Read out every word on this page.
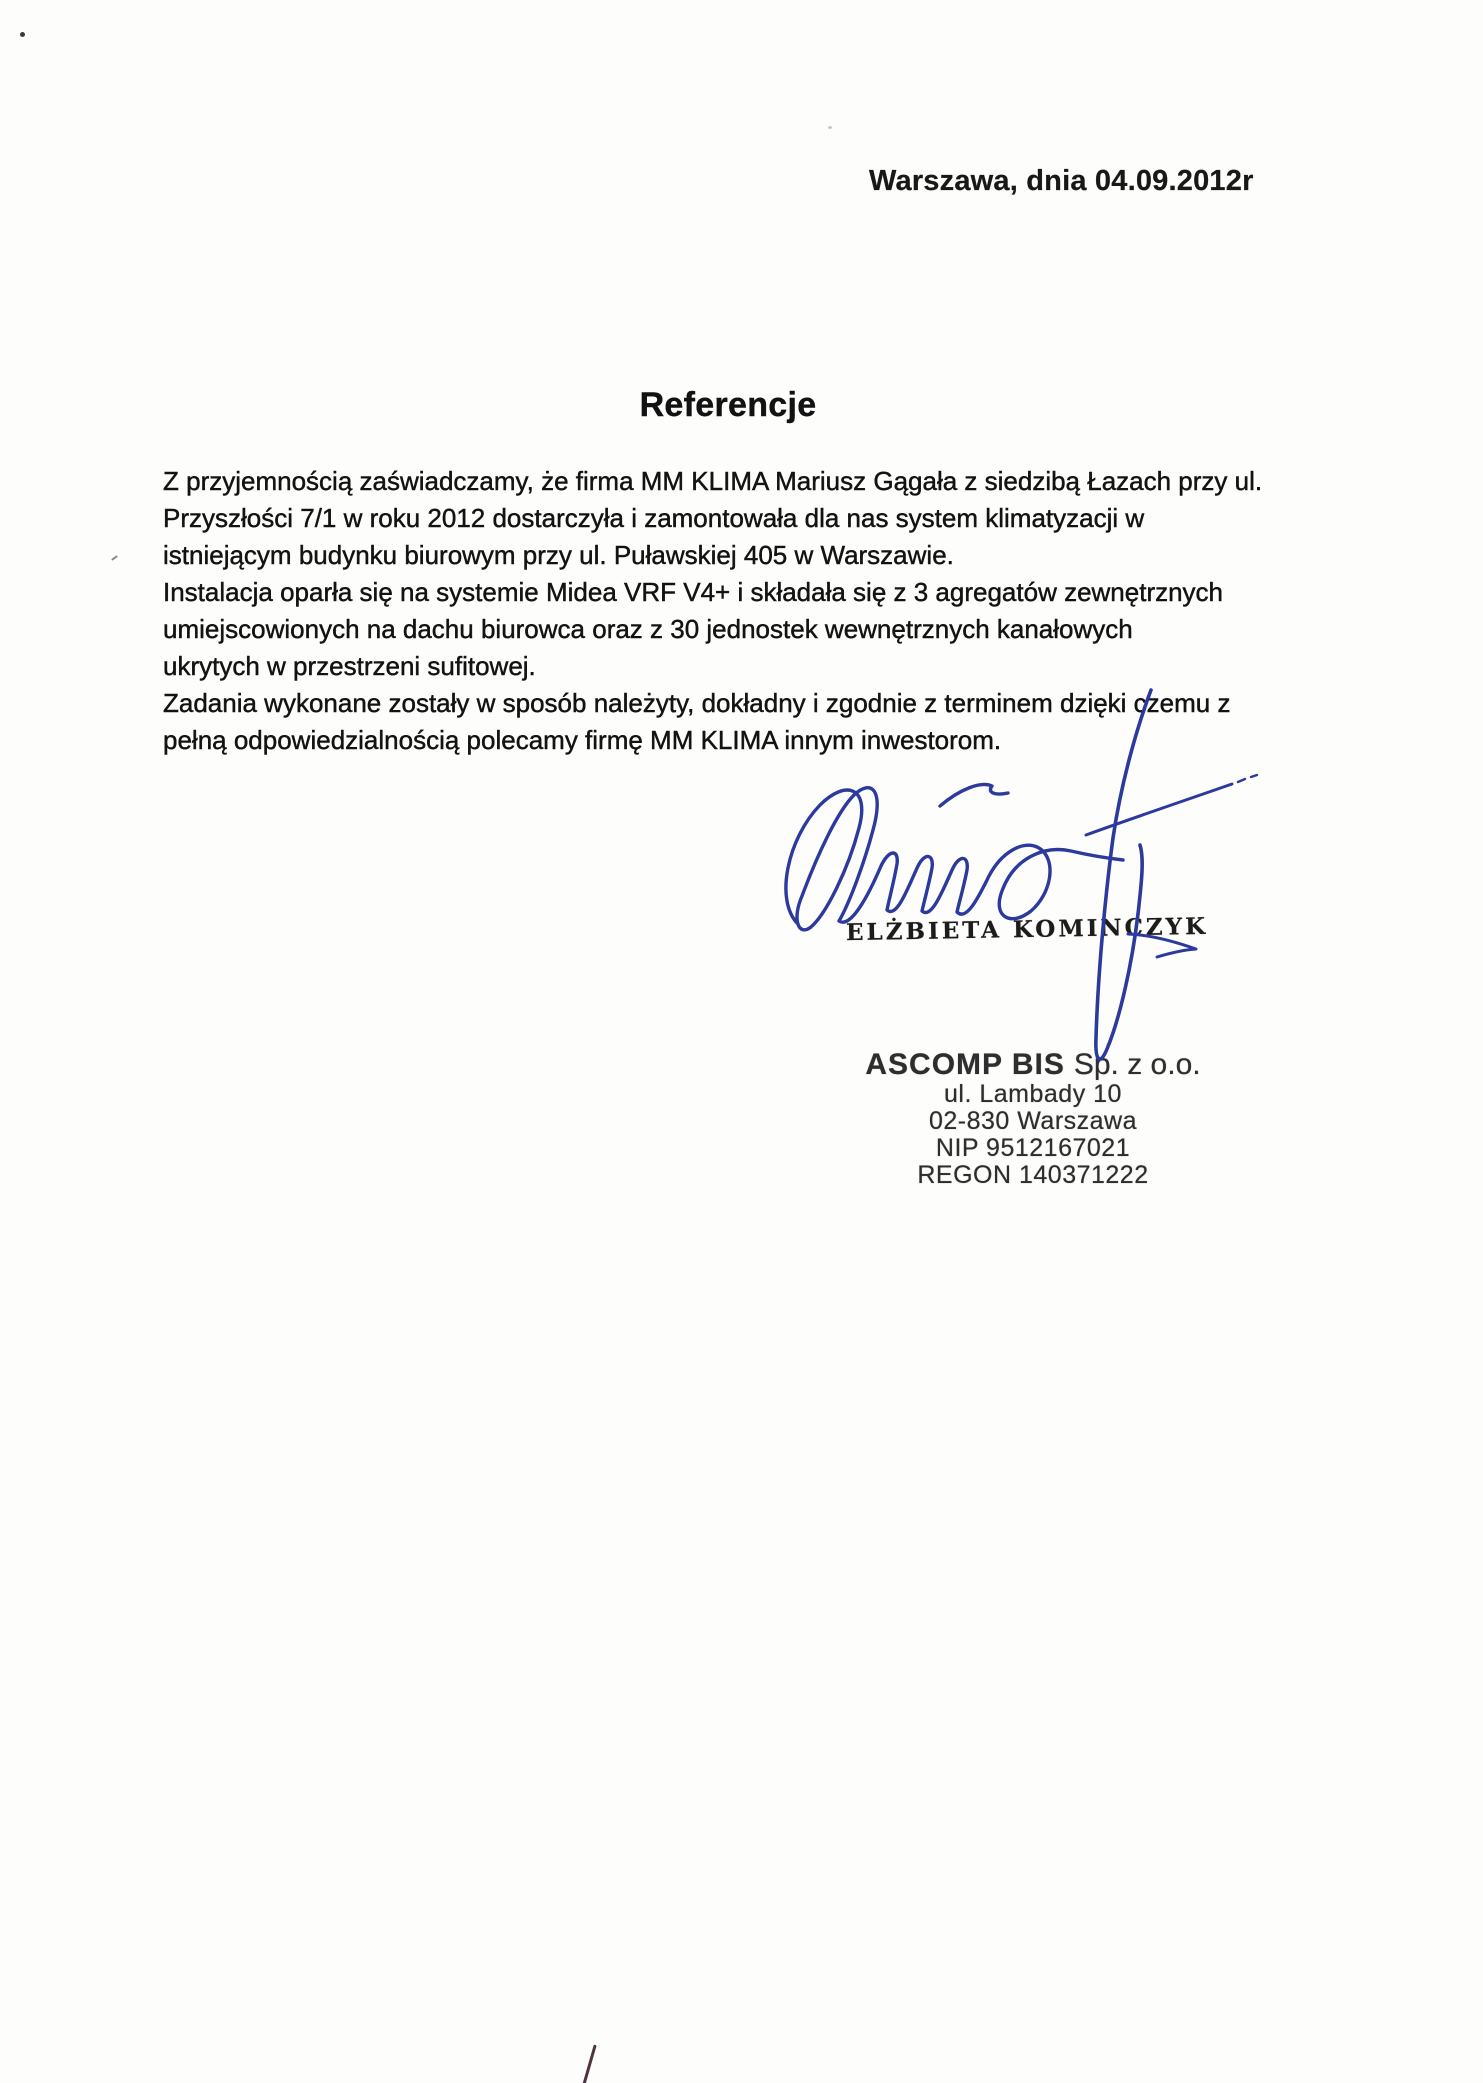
Warszawa, dnia 04.09.2012r
Referencje
Z przyjemnością zaświadczamy, że firma MM KLIMA Mariusz Gągała z siedzibą Łazach przy ul.
Przyszłości 7/1 w roku 2012 dostarczyła i zamontowała dla nas system klimatyzacji w
istniejącym budynku biurowym przy ul. Puławskiej 405 w Warszawie.
Instalacja oparła się na systemie Midea VRF V4+ i składała się z 3 agregatów zewnętrznych
umiejscowionych na dachu biurowca oraz z 30 jednostek wewnętrznych kanałowych
ukrytych w przestrzeni sufitowej.
Zadania wykonane zostały w sposób należyty, dokładny i zgodnie z terminem dzięki czemu z
pełną odpowiedzialnością polecamy firmę MM KLIMA innym inwestorom.
ELŻBIETA KOMINCZYK
ASCOMP BIS Sp. z o.o.
ul. Lambady 10
02-830 Warszawa
NIP 9512167021
REGON 140371222
